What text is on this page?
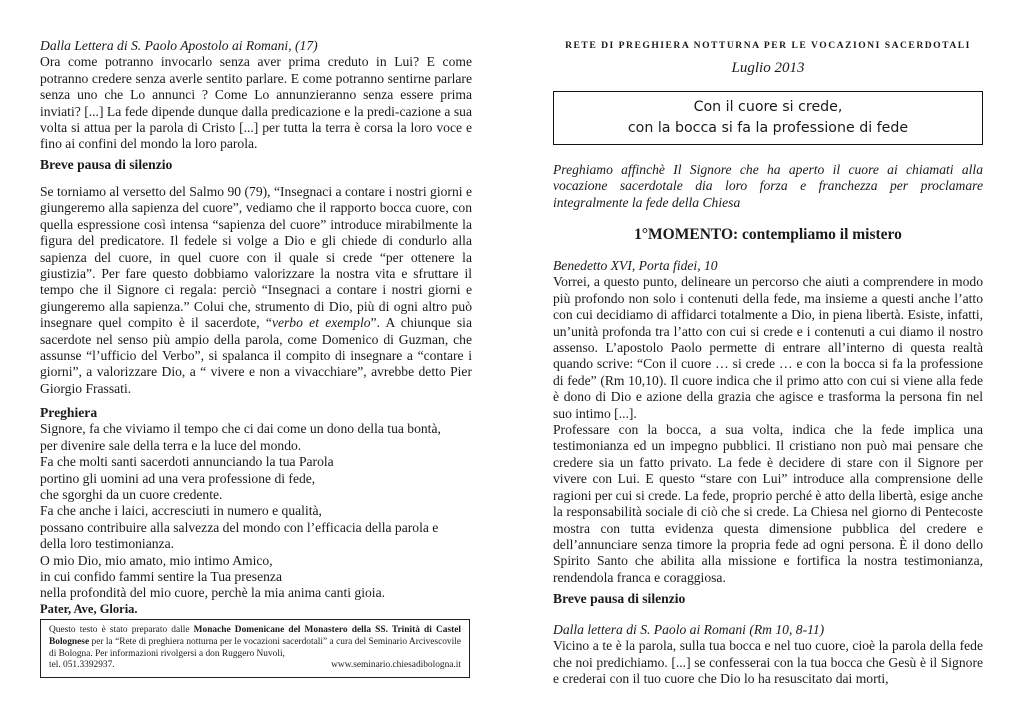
Dalla Lettera di S. Paolo Apostolo ai Romani, (17)

Ora come potranno invocarlo senza aver prima creduto in Lui? E come potranno credere senza averle sentito parlare. E come potranno sentirne parlare senza uno che Lo annunci ? Come Lo annunzieranno senza essere prima inviati? [...] La fede dipende dunque dalla predicazione e la predi-cazione a sua volta si attua per la parola di Cristo [...] per tutta la terra è corsa la loro voce e fino ai confini del mondo la loro parola.

Breve pausa di silenzio

Se torniamo al versetto del Salmo 90 (79), “Insegnaci a contare i nostri giorni e giungeremo alla sapienza del cuore”, vediamo che il rapporto bocca cuore, con quella espressione così intensa “sapienza del cuore” introduce mirabilmente la figura del predicatore. Il fedele si volge a Dio e gli chiede di condurlo alla sapienza del cuore, in quel cuore con il quale si crede “per ottenere la giustizia”. Per fare questo dobbiamo valorizzare la nostra vita e sfruttare il tempo che il Signore ci regala: perciò “Insegnaci a contare i nostri giorni e giungeremo alla sapienza.” Colui che, strumento di Dio, più di ogni altro può insegnare quel compito è il sacerdote, “verbo et exemplo”. A chiunque sia sacerdote nel senso più ampio della parola, come Domenico di Guzman, che assunse “l’ufficio del Verbo”, si spalanca il compito di insegnare a “contare i giorni”, a valorizzare Dio, a “ vivere e non a vivacchiare”, avrebbe detto Pier Giorgio Frassati.

Preghiera

Signore, fa che viviamo il tempo che ci dai come un dono della tua bontà,
per divenire sale della terra e la luce del mondo.
Fa che molti santi sacerdoti annunciando la tua Parola
portino gli uomini ad una vera professione di fede,
che sgorghi da un cuore credente.
Fa che anche i laici, accresciuti in numero e qualità,
possano contribuire alla salvezza del mondo con l’efficacia della parola e
della loro testimonianza.
O mio Dio, mio amato, mio intimo Amico,
in cui confido fammi sentire la Tua presenza
nella profondità del mio cuore, perchè la mia anima canti gioia.

Pater, Ave, Gloria.

Questo testo è stato preparato dalle Monache Domenicane del Monastero della SS. Trinità di Castel Bolognese per la “Rete di preghiera notturna per le vocazioni sacerdotali” a cura del Seminario Arcivescovile di Bologna. Per informazioni rivolgersi a don Ruggero Nuvoli,
tel. 051.3392937.	www.seminario.chiesadibologna.it
RETE DI PREGHIERA NOTTURNA PER LE VOCAZIONI SACERDOTALI
Luglio 2013
Con il cuore si crede,
con la bocca si fa la professione di fede

Preghiamo affinchè Il Signore che ha aperto il cuore ai chiamati alla vocazione sacerdotale dia loro forza e franchezza per proclamare integralmente la fede della Chiesa

1°MOMENTO: contempliamo il mistero

Benedetto XVI, Porta fidei, 10

Vorrei, a questo punto, delineare un percorso che aiuti a comprendere in modo più profondo non solo i contenuti della fede, ma insieme a questi anche l’atto con cui decidiamo di affidarci totalmente a Dio, in piena libertà. Esiste, infatti, un’unità profonda tra l’atto con cui si crede e i contenuti a cui diamo il nostro assenso. L’apostolo Paolo permette di entrare all’interno di questa realtà quando scrive: “Con il cuore … si crede … e con la bocca si fa la professione di fede” (Rm 10,10). Il cuore indica che il primo atto con cui si viene alla fede è dono di Dio e azione della grazia che agisce e trasforma la persona fin nel suo intimo [...].

Professare con la bocca, a sua volta, indica che la fede implica una testimonianza ed un impegno pubblici. Il cristiano non può mai pensare che credere sia un fatto privato. La fede è decidere di stare con il Signore per vivere con Lui. E questo “stare con Lui” introduce alla comprensione delle ragioni per cui si crede. La fede, proprio perché è atto della libertà, esige anche la responsabilità sociale di ciò che si crede. La Chiesa nel giorno di Pentecoste mostra con tutta evidenza questa dimensione pubblica del credere e dell’annunciare senza timore la propria fede ad ogni persona. È il dono dello Spirito Santo che abilita alla missione e fortifica la nostra testimonianza, rendendola franca e coraggiosa.

Breve pausa di silenzio

Dalla lettera di S. Paolo ai Romani (Rm 10, 8-11)

Vicino a te è la parola, sulla tua bocca e nel tuo cuore, cioè la parola della fede che noi predichiamo. [...] se confesserai con la tua bocca che Gesù è il Signore e crederai con il tuo cuore che Dio lo ha resuscitato dai morti,
